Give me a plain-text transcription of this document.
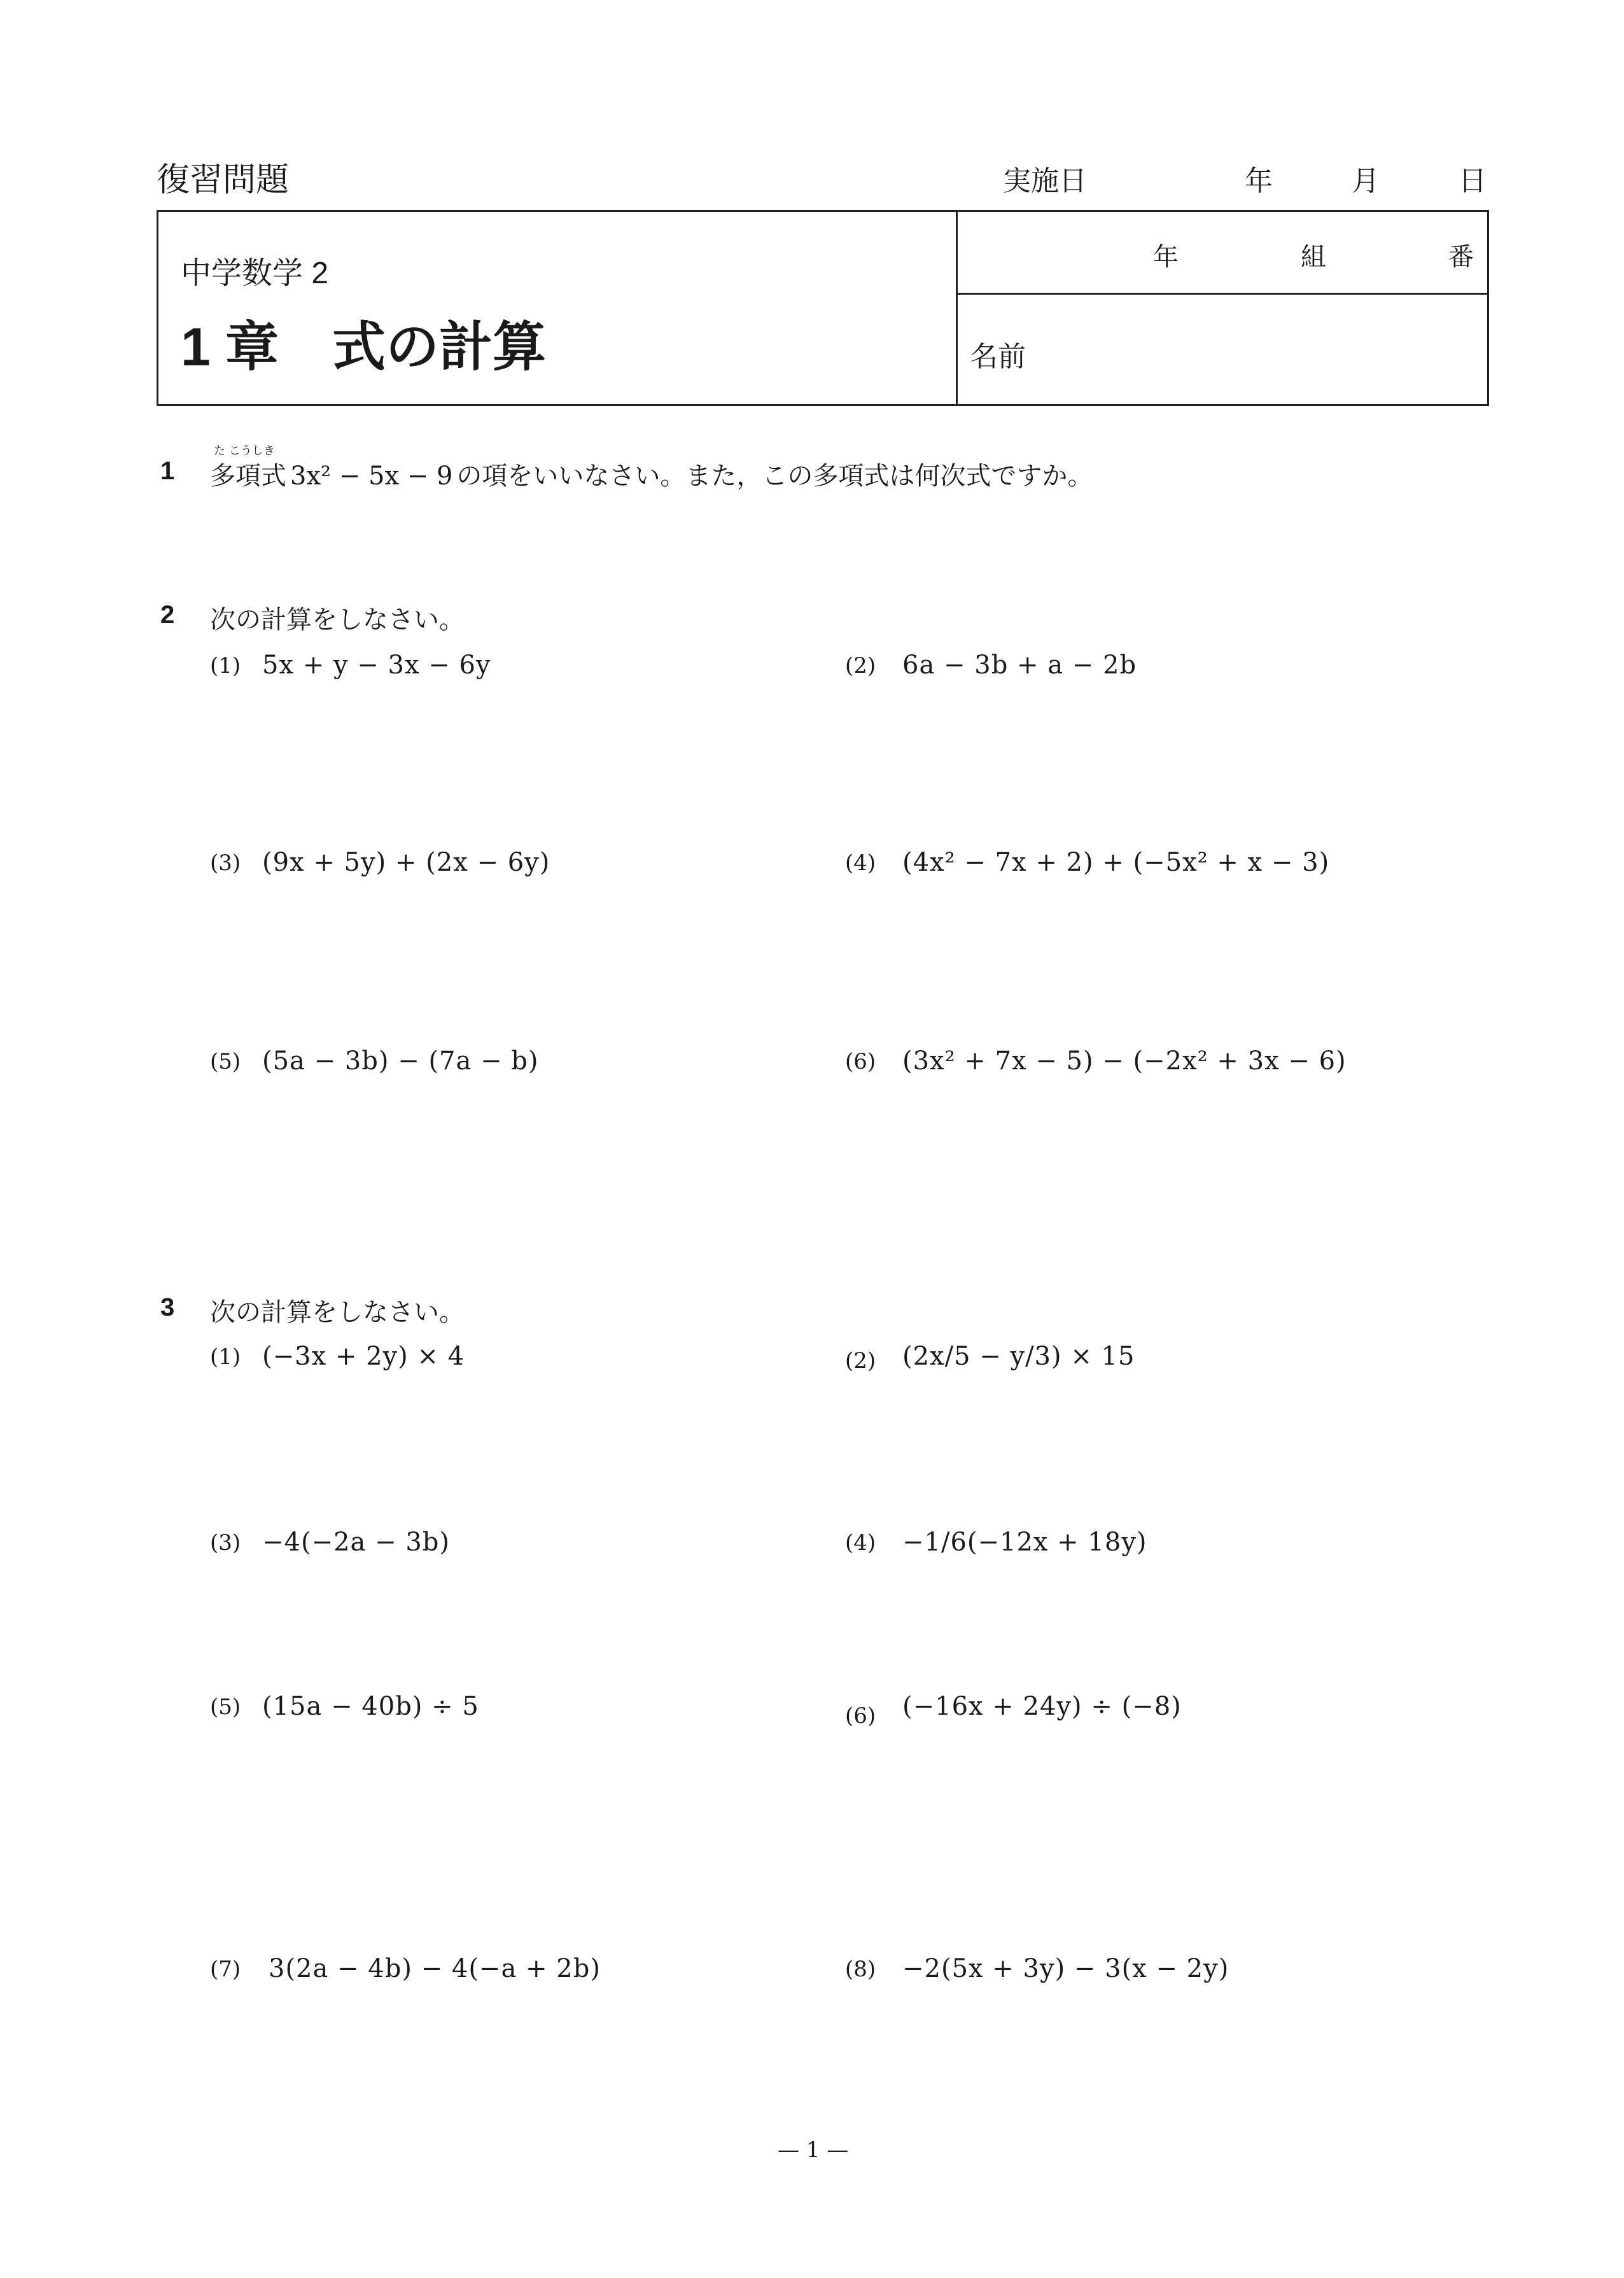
復習問題	実施日	年	月	日
中学数学 2
1 章　式の計算
年	組	番
名前
1
た こうしき
多項式 3x² − 5x − 9 の項をいいなさい。また，この多項式は何次式ですか。
2 次の計算をしなさい。
(1) 5x + y − 3x − 6y	(2) 6a − 3b + a − 2b
(3) (9x + 5y) + (2x − 6y)	(4) (4x² − 7x + 2) + (−5x² + x − 3)
(5) (5a − 3b) − (7a − b)	(6) (3x² + 7x − 5) − (−2x² + 3x − 6)
3 次の計算をしなさい。
(1) (−3x + 2y) × 4	(2) (2x/5 − y/3) × 15
(3) −4(−2a − 3b)	(4) −1/6(−12x + 18y)
(5) (15a − 40b) ÷ 5	(6) (−16x + 24y) ÷ (−8)
(7) 3(2a − 4b) − 4(−a + 2b)	(8) −2(5x + 3y) − 3(x − 2y)
— 1 —
